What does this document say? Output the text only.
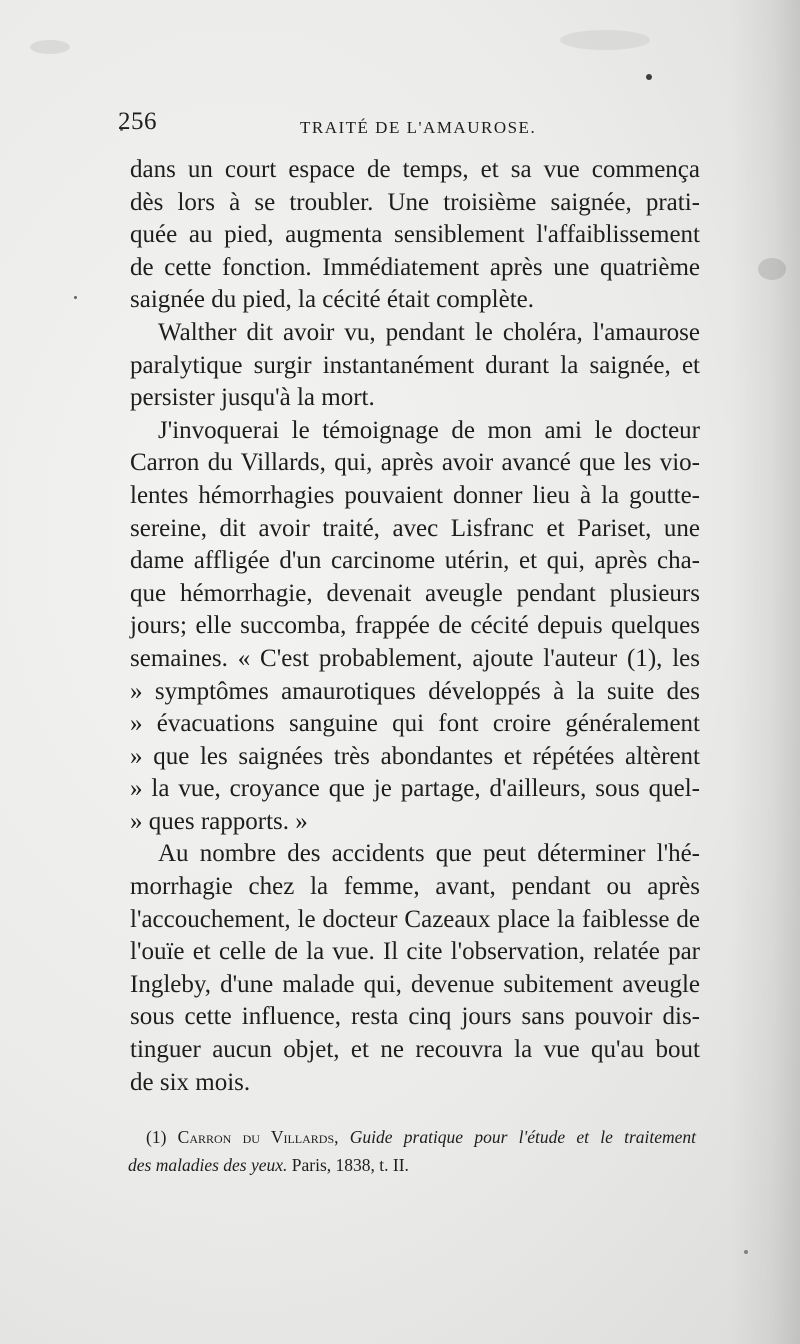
256	TRAITÉ DE L'AMAUROSE.
dans un court espace de temps, et sa vue commença
dès lors à se troubler. Une troisième saignée, prati-
quée au pied, augmenta sensiblement l'affaiblissement
de cette fonction. Immédiatement après une quatrième
saignée du pied, la cécité était complète.
Walther dit avoir vu, pendant le choléra, l'amaurose
paralytique surgir instantanément durant la saignée, et
persister jusqu'à la mort.
J'invoquerai le témoignage de mon ami le docteur
Carron du Villards, qui, après avoir avancé que les vio-
lentes hémorrhagies pouvaient donner lieu à la goutte-
sereine, dit avoir traité, avec Lisfranc et Pariset, une
dame affligée d'un carcinome utérin, et qui, après cha-
que hémorrhagie, devenait aveugle pendant plusieurs
jours; elle succomba, frappée de cécité depuis quelques
semaines. « C'est probablement, ajoute l'auteur (1), les
» symptômes amaurotiques développés à la suite des
» évacuations sanguine qui font croire généralement
» que les saignées très abondantes et répétées altèrent
» la vue, croyance que je partage, d'ailleurs, sous quel-
» ques rapports. »
Au nombre des accidents que peut déterminer l'hé-
morrhagie chez la femme, avant, pendant ou après
l'accouchement, le docteur Cazeaux place la faiblesse de
l'ouïe et celle de la vue. Il cite l'observation, relatée par
Ingleby, d'une malade qui, devenue subitement aveugle
sous cette influence, resta cinq jours sans pouvoir dis-
tinguer aucun objet, et ne recouvra la vue qu'au bout
de six mois.
(1) Carron du Villards, Guide pratique pour l'étude et le traitement
des maladies des yeux. Paris, 1838, t. II.
